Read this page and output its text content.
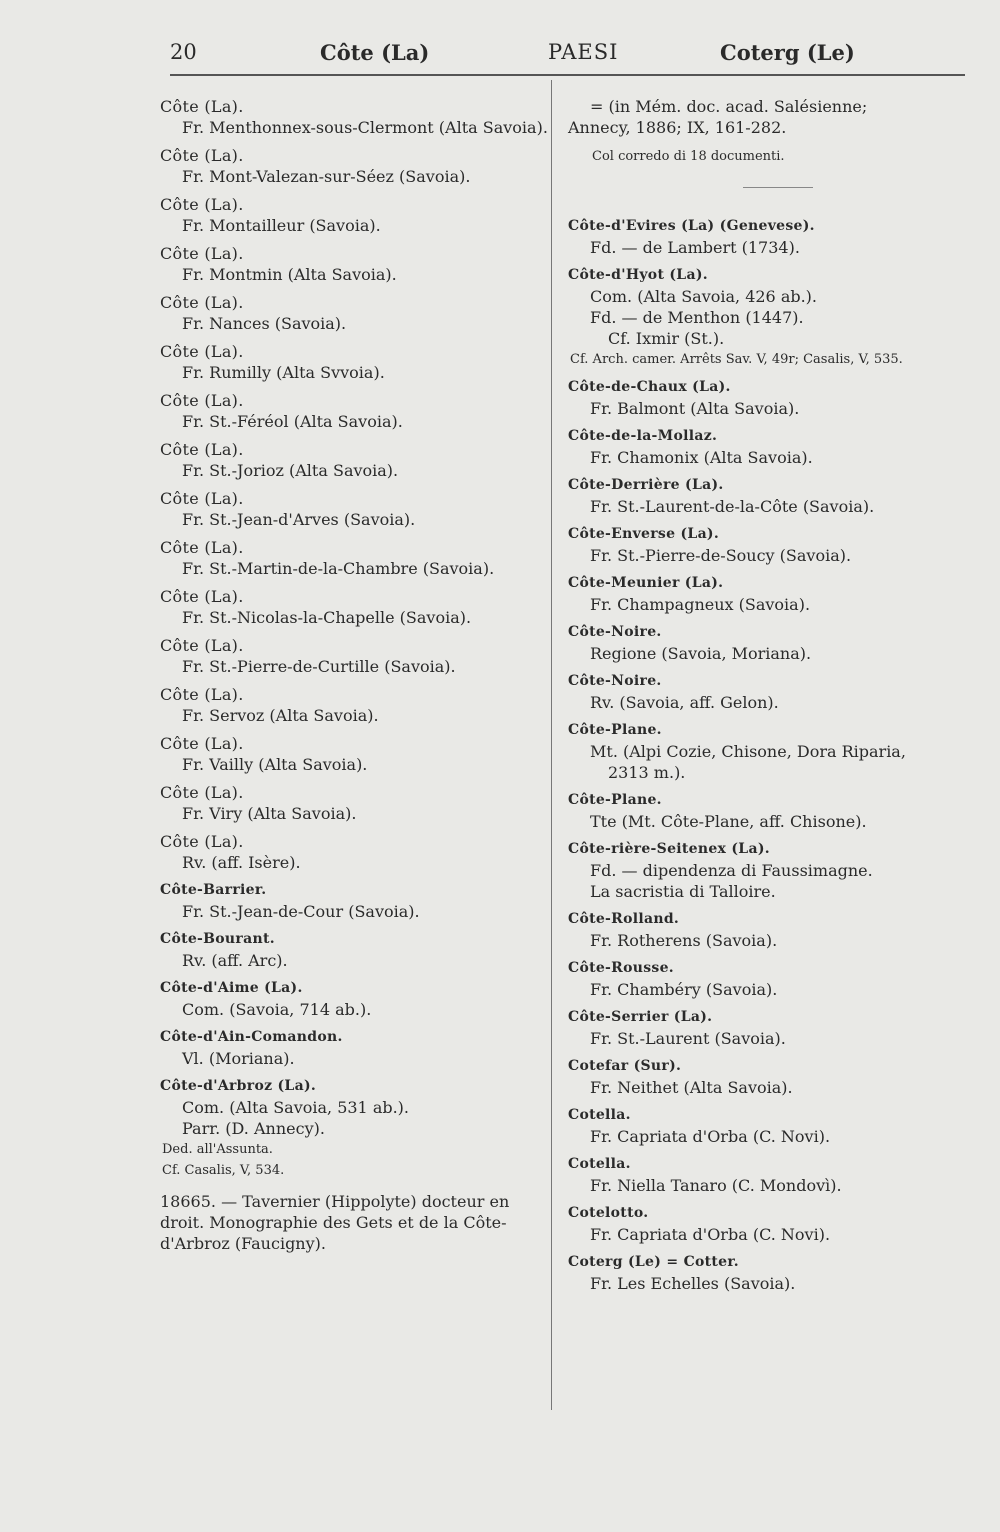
20	Côte (La)	PAESI	Coterg (Le)
Côte (La).
Fr. Menthonnex-sous-Clermont (Alta Savoia).
Côte (La).
Fr. Mont-Valezan-sur-Séez (Savoia).
Côte (La).
Fr. Montailleur (Savoia).
Côte (La).
Fr. Montmin (Alta Savoia).
Côte (La).
Fr. Nances (Savoia).
Côte (La).
Fr. Rumilly (Alta Svvoia).
Côte (La).
Fr. St.-Féréol (Alta Savoia).
Côte (La).
Fr. St.-Jorioz (Alta Savoia).
Côte (La).
Fr. St.-Jean-d'Arves (Savoia).
Côte (La).
Fr. St.-Martin-de-la-Chambre (Savoia).
Côte (La).
Fr. St.-Nicolas-la-Chapelle (Savoia).
Côte (La).
Fr. St.-Pierre-de-Curtille (Savoia).
Côte (La).
Fr. Servoz (Alta Savoia).
Côte (La).
Fr. Vailly (Alta Savoia).
Côte (La).
Fr. Viry (Alta Savoia).
Côte (La).
Rv. (aff. Isère).
Côte-Barrier.
Fr. St.-Jean-de-Cour (Savoia).
Côte-Bourant.
Rv. (aff. Arc).
Côte-d'Aime (La).
Com. (Savoia, 714 ab.).
Côte-d'Ain-Comandon.
Vl. (Moriana).
Côte-d'Arbroz (La).
Com. (Alta Savoia, 531 ab.).
Parr. (D. Annecy).
Ded. all'Assunta.
Cf. Casalis, V, 534.
18665. — Tavernier (Hippolyte) docteur en droit. Monographie des Gets et de la Côte-d'Arbroz (Faucigny).
= (in Mém. doc. acad. Salésienne;
Annecy, 1886; IX, 161-282.
Col corredo di 18 documenti.
Côte-d'Evires (La) (Genevese).
Fd. — de Lambert (1734).
Côte-d'Hyot (La).
Com. (Alta Savoia, 426 ab.).
Fd. — de Menthon (1447).
Cf. Ixmir (St.).
Cf. Arch. camer. Arrêts Sav. V, 49r; Casalis, V, 535.
Côte-de-Chaux (La).
Fr. Balmont (Alta Savoia).
Côte-de-la-Mollaz.
Fr. Chamonix (Alta Savoia).
Côte-Derrière (La).
Fr. St.-Laurent-de-la-Côte (Savoia).
Côte-Enverse (La).
Fr. St.-Pierre-de-Soucy (Savoia).
Côte-Meunier (La).
Fr. Champagneux (Savoia).
Côte-Noire.
Regione (Savoia, Moriana).
Côte-Noire.
Rv. (Savoia, aff. Gelon).
Côte-Plane.
Mt. (Alpi Cozie, Chisone, Dora Riparia,
2313 m.).
Côte-Plane.
Tte (Mt. Côte-Plane, aff. Chisone).
Côte-rière-Seitenex (La).
Fd. — dipendenza di Faussimagne.
La sacristia di Talloire.
Côte-Rolland.
Fr. Rotherens (Savoia).
Côte-Rousse.
Fr. Chambéry (Savoia).
Côte-Serrier (La).
Fr. St.-Laurent (Savoia).
Cotefar (Sur).
Fr. Neithet (Alta Savoia).
Cotella.
Fr. Capriata d'Orba (C. Novi).
Cotella.
Fr. Niella Tanaro (C. Mondovì).
Cotelotto.
Fr. Capriata d'Orba (C. Novi).
Coterg (Le) = Cotter.
Fr. Les Echelles (Savoia).
